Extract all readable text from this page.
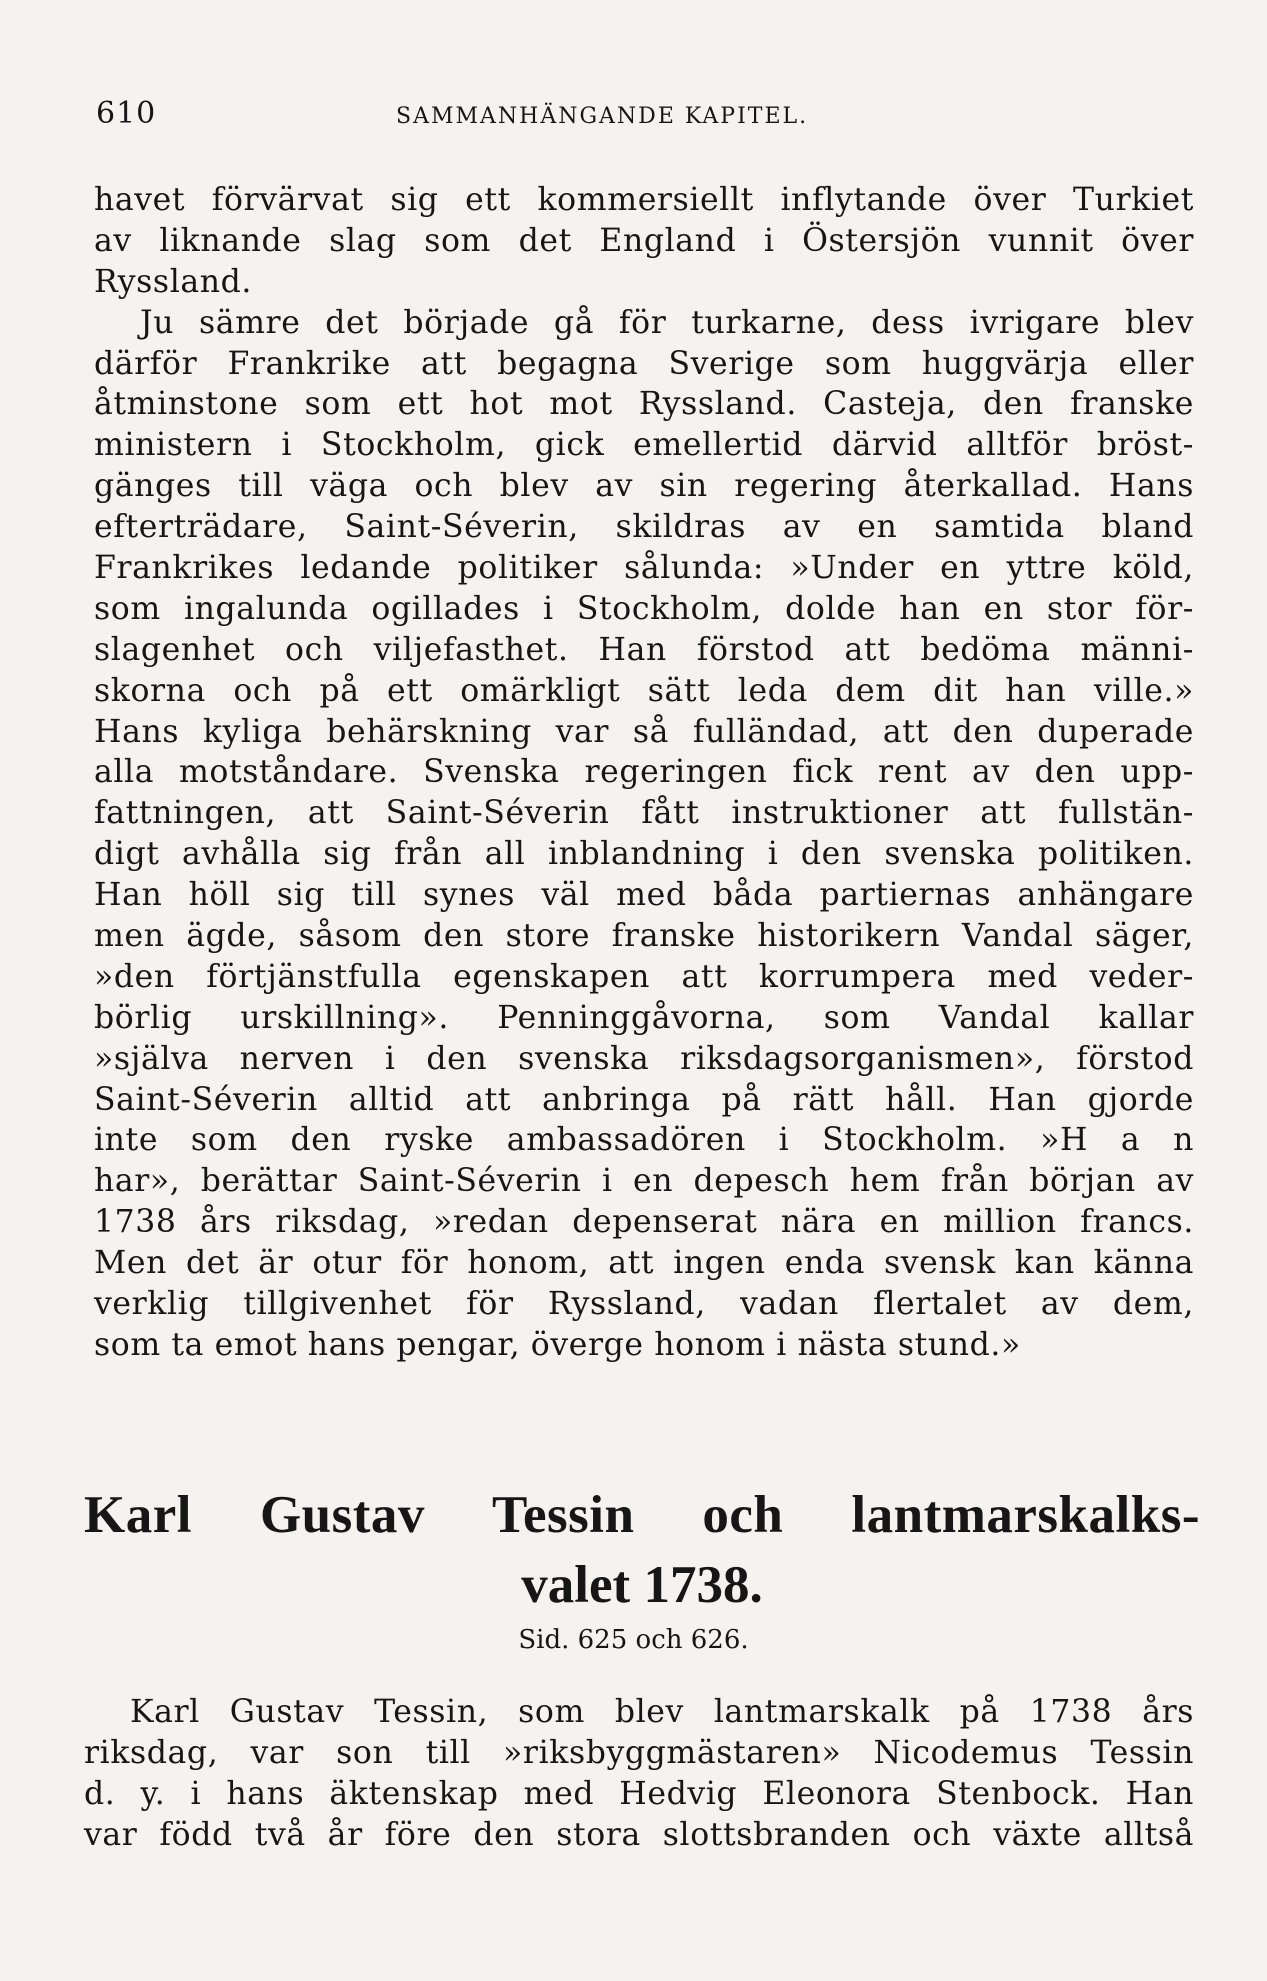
610	SAMMANHÄNGANDE KAPITEL.
havet förvärvat sig ett kommersiellt inflytande över Turkiet
av liknande slag som det England i Östersjön vunnit över
Ryssland.
Ju sämre det började gå för turkarne, dess ivrigare blev
därför Frankrike att begagna Sverige som huggvärja eller
åtminstone som ett hot mot Ryssland. Casteja, den franske
ministern i Stockholm, gick emellertid därvid alltför bröst-
gänges till väga och blev av sin regering återkallad. Hans
efterträdare, Saint-Séverin, skildras av en samtida bland
Frankrikes ledande politiker sålunda: »Under en yttre köld,
som ingalunda ogillades i Stockholm, dolde han en stor för-
slagenhet och viljefasthet. Han förstod att bedöma männi-
skorna och på ett omärkligt sätt leda dem dit han ville.»
Hans kyliga behärskning var så fulländad, att den duperade
alla motståndare. Svenska regeringen fick rent av den upp-
fattningen, att Saint-Séverin fått instruktioner att fullstän-
digt avhålla sig från all inblandning i den svenska politiken.
Han höll sig till synes väl med båda partiernas anhängare
men ägde, såsom den store franske historikern Vandal säger,
»den förtjänstfulla egenskapen att korrumpera med veder-
börlig urskillning». Penninggåvorna, som Vandal kallar
»själva nerven i den svenska riksdagsorganismen», förstod
Saint-Séverin alltid att anbringa på rätt håll. Han gjorde
inte som den ryske ambassadören i Stockholm. »H a n
har», berättar Saint-Séverin i en depesch hem från början av
1738 års riksdag, »redan depenserat nära en million francs.
Men det är otur för honom, att ingen enda svensk kan känna
verklig tillgivenhet för Ryssland, vadan flertalet av dem,
som ta emot hans pengar, överge honom i nästa stund.»
Karl Gustav Tessin och lantmarskalks-
valet 1738.
Sid. 625 och 626.
Karl Gustav Tessin, som blev lantmarskalk på 1738 års
riksdag, var son till »riksbyggmästaren» Nicodemus Tessin
d. y. i hans äktenskap med Hedvig Eleonora Stenbock. Han
var född två år före den stora slottsbranden och växte alltså
